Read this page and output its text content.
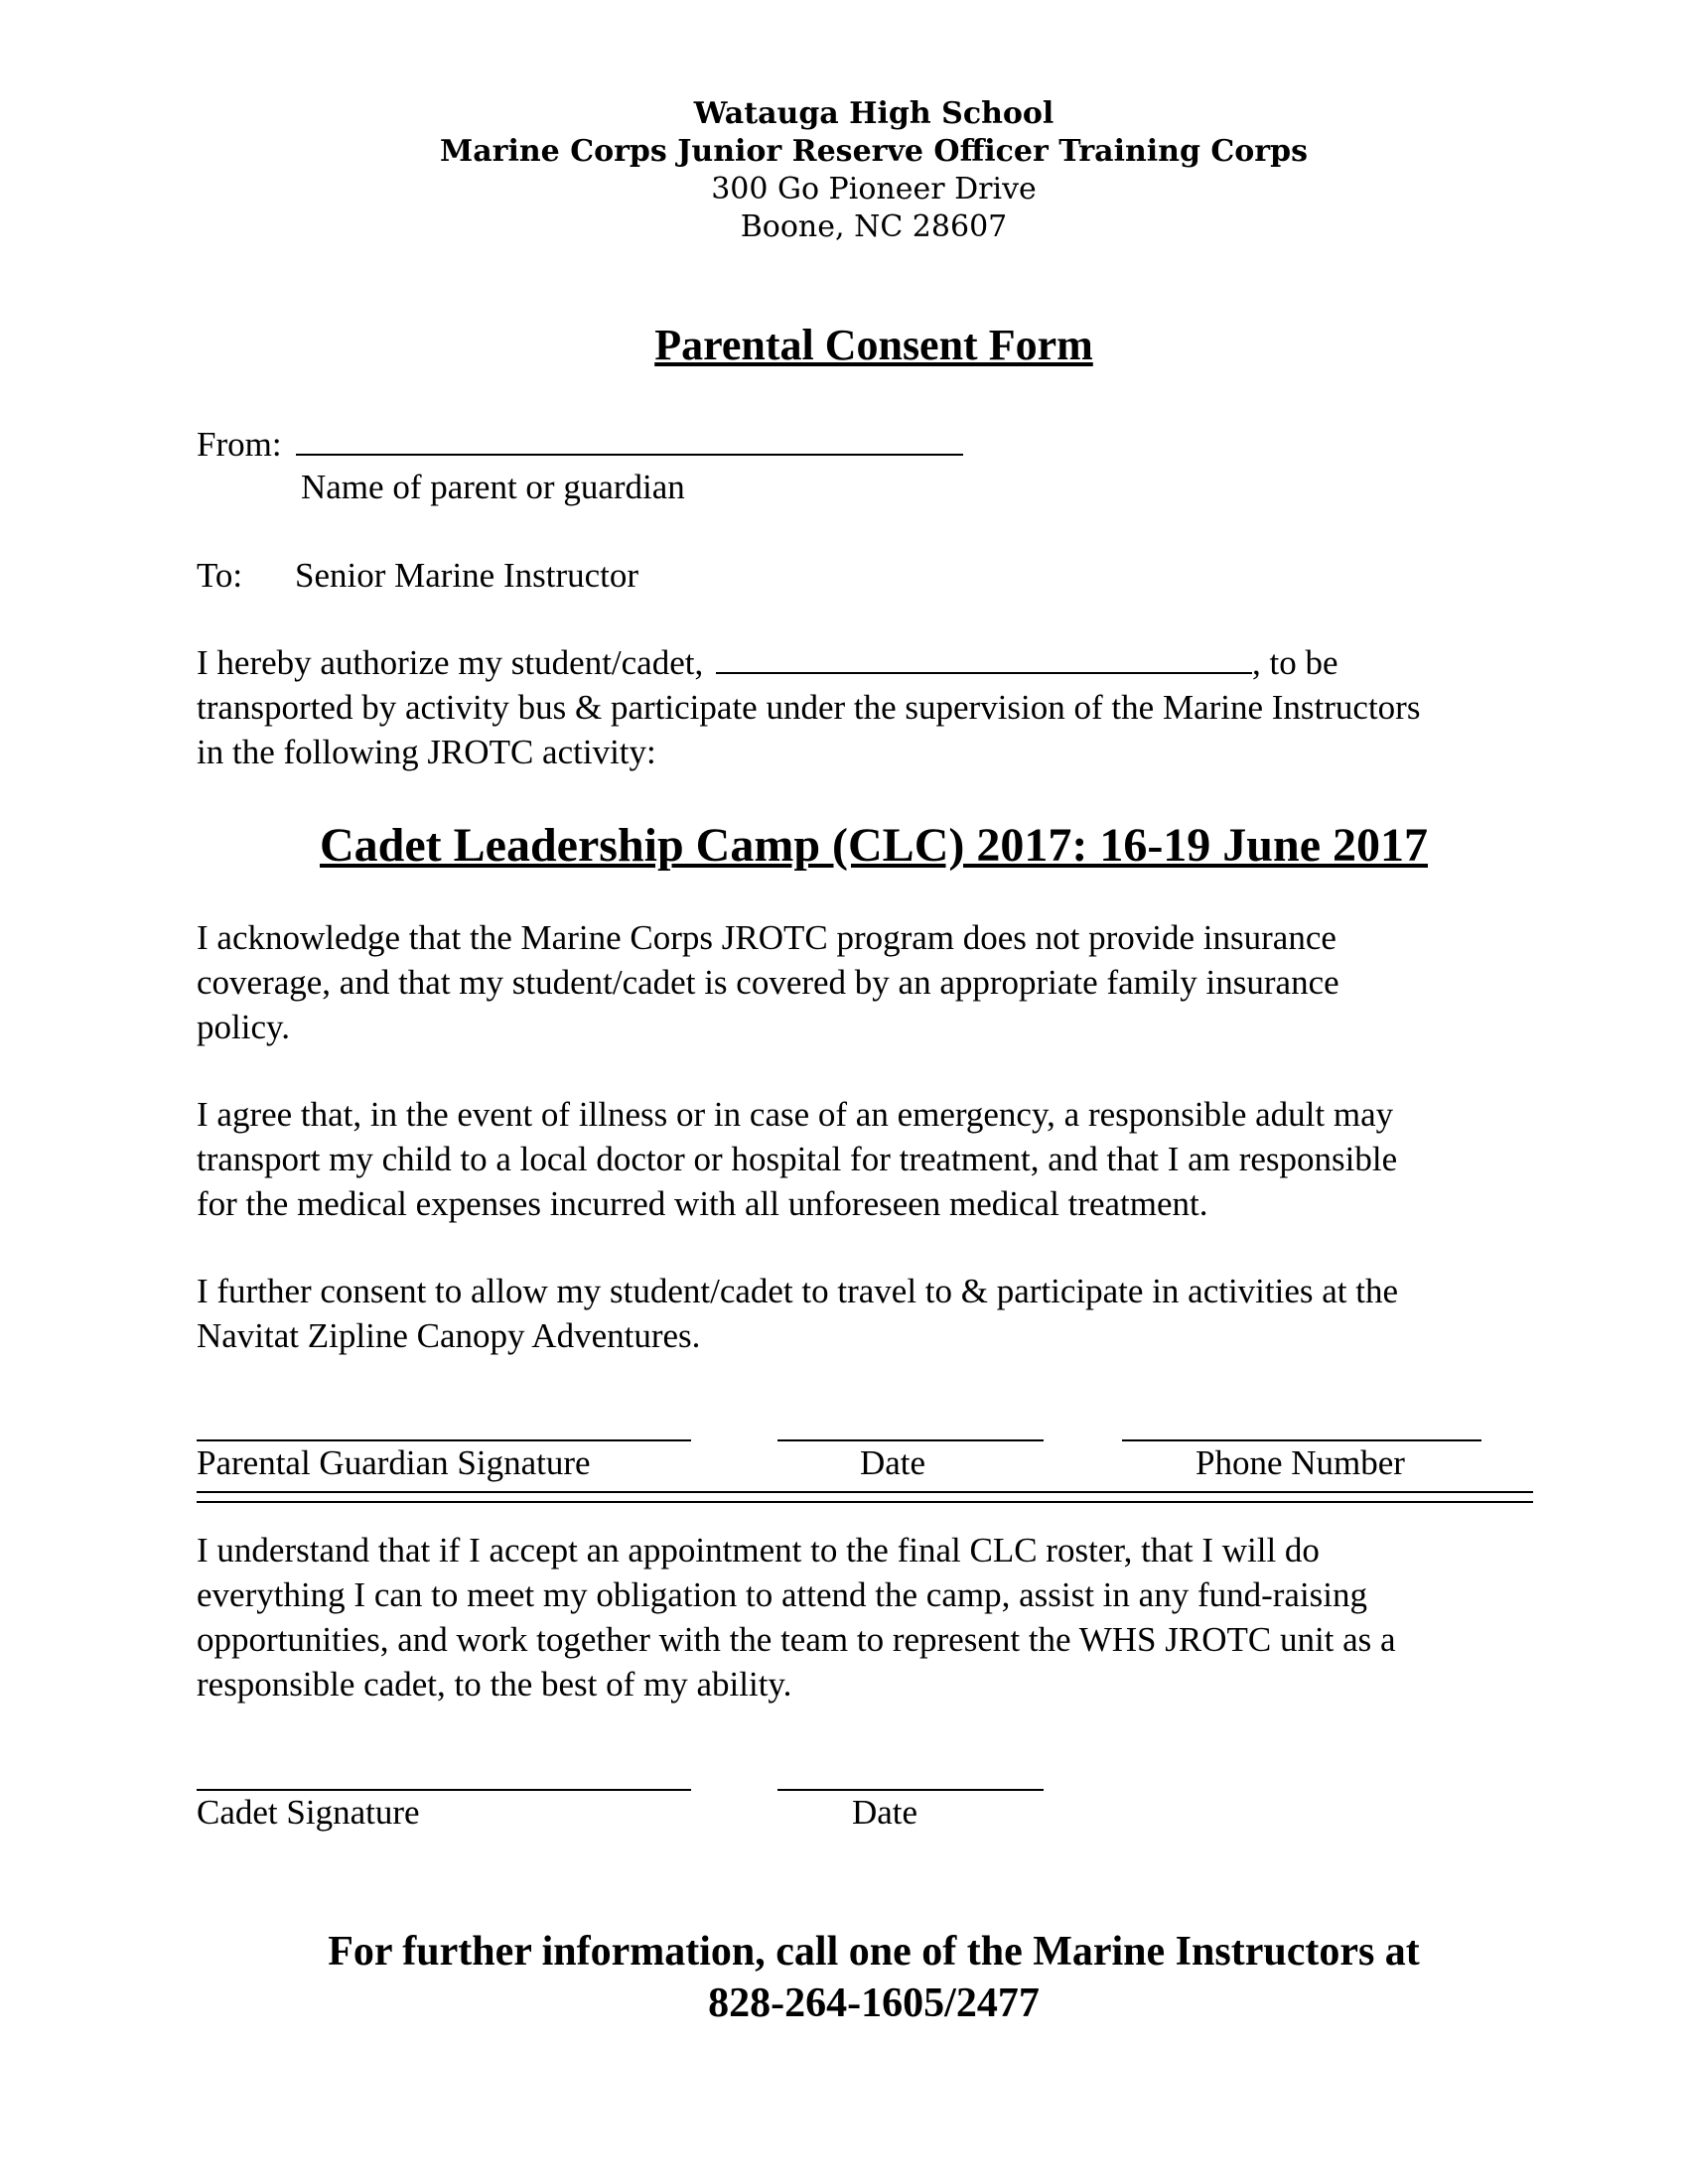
Watauga High School
Marine Corps Junior Reserve Officer Training Corps
300 Go Pioneer Drive
Boone, NC 28607
Parental Consent Form
From:
Name of parent or guardian
To: Senior Marine Instructor
I hereby authorize my student/cadet,	, to be
transported by activity bus & participate under the supervision of the Marine Instructors
in the following JROTC activity:
Cadet Leadership Camp (CLC) 2017: 16-19 June 2017
I acknowledge that the Marine Corps JROTC program does not provide insurance
coverage, and that my student/cadet is covered by an appropriate family insurance
policy.
I agree that, in the event of illness or in case of an emergency, a responsible adult may
transport my child to a local doctor or hospital for treatment, and that I am responsible
for the medical expenses incurred with all unforeseen medical treatment.
I further consent to allow my student/cadet to travel to & participate in activities at the
Navitat Zipline Canopy Adventures.
Parental Guardian Signature	Date	Phone Number
I understand that if I accept an appointment to the final CLC roster, that I will do
everything I can to meet my obligation to attend the camp, assist in any fund-raising
opportunities, and work together with the team to represent the WHS JROTC unit as a
responsible cadet, to the best of my ability.
Cadet Signature	Date
For further information, call one of the Marine Instructors at
828-264-1605/2477
